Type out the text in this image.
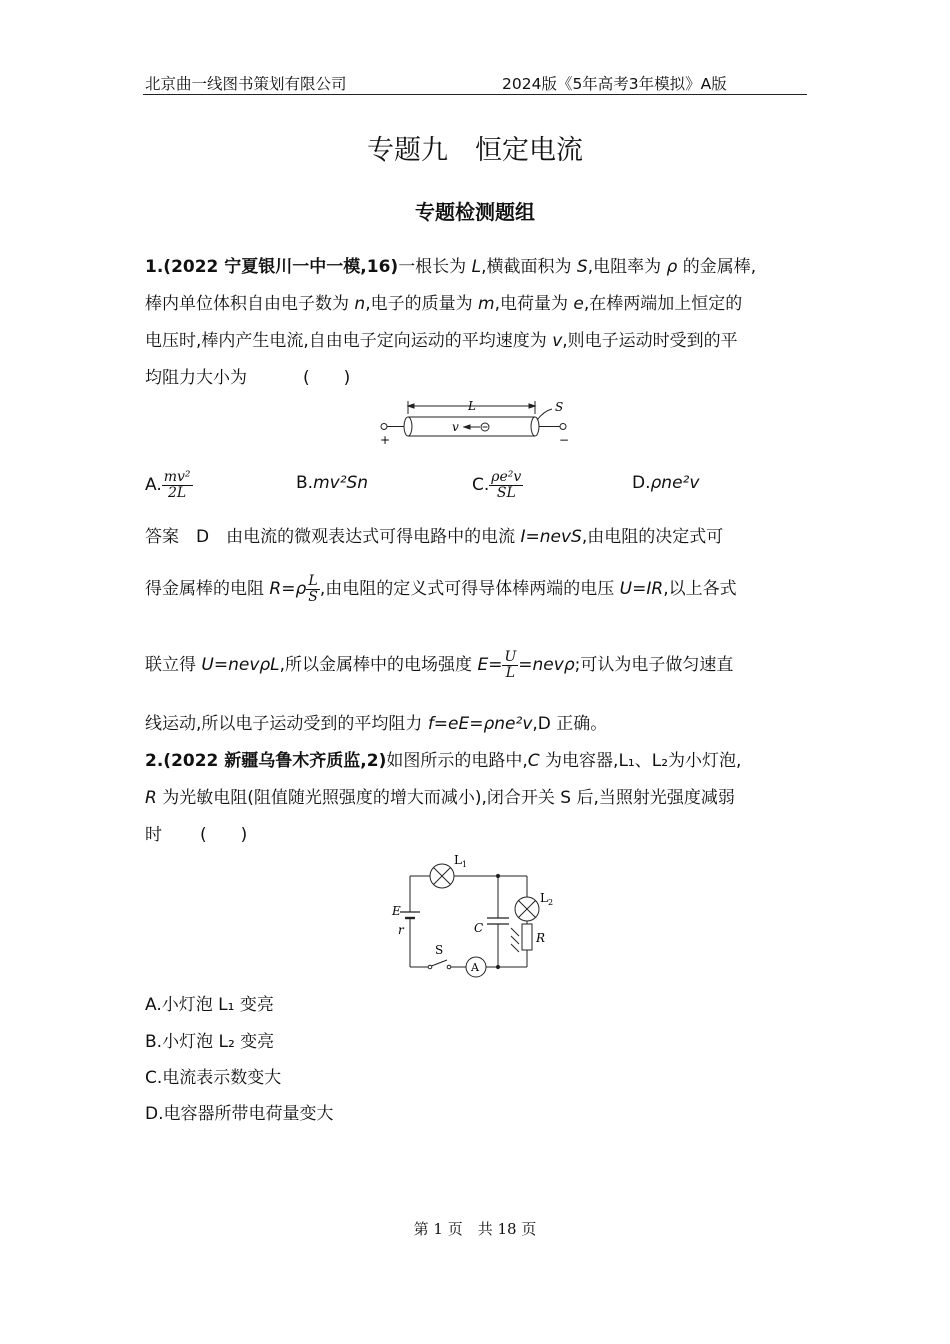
北京曲一线图书策划有限公司	2024版《5年高考3年模拟》A版
专题九　恒定电流
专题检测题组
1.(2022 宁夏银川一中一模,16)一根长为 L,横截面积为 S,电阻率为 ρ 的金属棒,
棒内单位体积自由电子数为 n,电子的质量为 m,电荷量为 e,在棒两端加上恒定的
电压时,棒内产生电流,自由电子定向运动的平均速度为 v,则电子运动时受到的平
均阻力大小为	(　　)
L	S
v
+	−
A. $\frac{\text{mv²}}{2L}$	B.mv²Sn	C. $\frac{\text{ρe²v}}{SL}$	D.ρne²v
答案　D　由电流的微观表达式可得电路中的电流 I=nevS,由电阻的决定式可
得金属棒的电阻 $R=\rho \frac{L}{S}$ ,由电阻的定义式可得导体棒两端的电压 U=IR,以上各式
联立得 U=nevρL,所以金属棒中的电场强度 $E= \frac{U}{L} =nev\rho$;可认为电子做匀速直
线运动,所以电子运动受到的平均阻力 f=eE=ρne²v,D 正确。
2.(2022 新疆乌鲁木齐质监,2)如图所示的电路中,C 为电容器,L₁、L₂为小灯泡,
R 为光敏电阻(阻值随光照强度的增大而减小),闭合开关 S 后,当照射光强度减弱
时 (　　)
$L_1$
$L_2$
E
r	C
R
S
A
A.小灯泡 L₁ 变亮
B.小灯泡 L₂ 变亮
C.电流表示数变大
D.电容器所带电荷量变大
第 1 页　共 18 页
